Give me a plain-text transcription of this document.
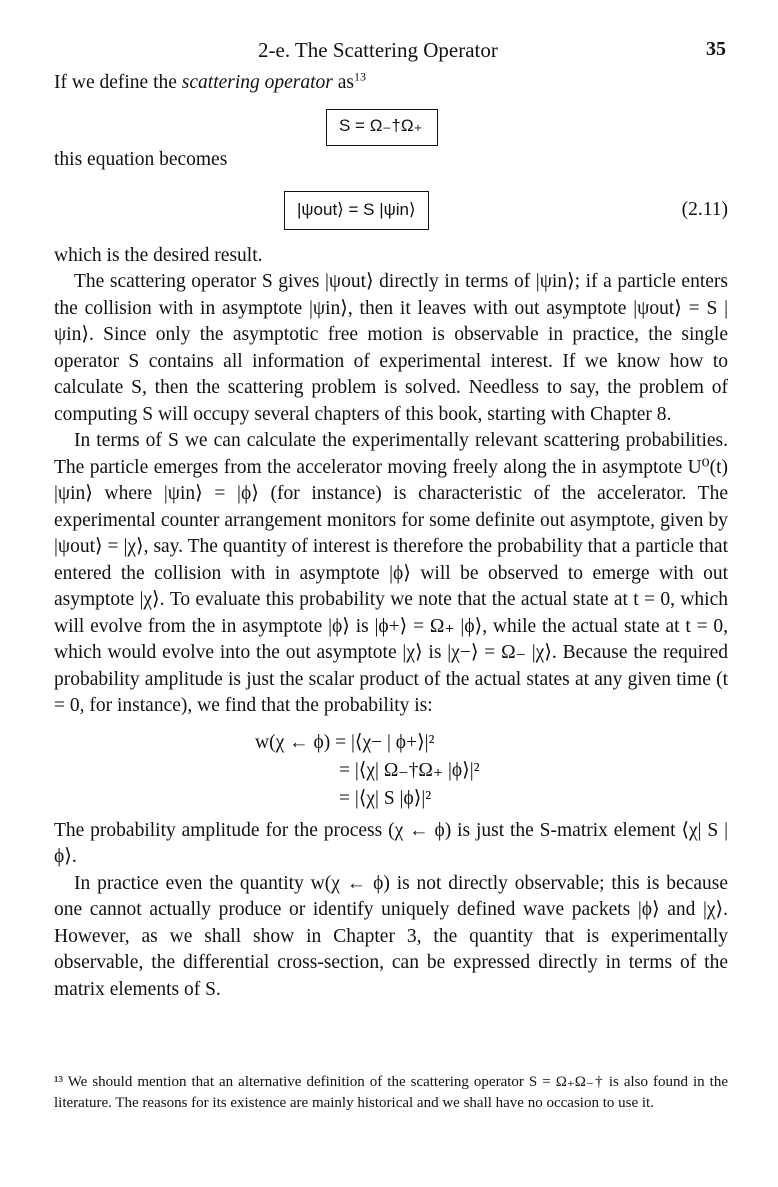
2-e. The Scattering Operator	35

If we define the scattering operator $as^{13}$

S = Ω₋†Ω₊
this equation becomes
|ψout⟩ = S |ψin⟩	(2.11)

which is the desired result.

The scattering operator S gives |ψout⟩ directly in terms of |ψin⟩; if a particle enters the collision with in asymptote |ψin⟩, then it leaves with out asymptote |ψout⟩ = S |ψin⟩. Since only the asymptotic free motion is observable in practice, the single operator S contains all information of experimental interest. If we know how to calculate S, then the scattering problem is solved. Needless to say, the problem of computing S will occupy several chapters of this book, starting with Chapter 8.

In terms of S we can calculate the experimentally relevant scattering probabilities. The particle emerges from the accelerator moving freely along the in asymptote U⁰(t) |ψin⟩ where |ψin⟩ = |ϕ⟩ (for instance) is characteristic of the accelerator. The experimental counter arrangement monitors for some definite out asymptote, given by |ψout⟩ = |χ⟩, say. The quantity of interest is therefore the probability that a particle that entered the collision with in asymptote |ϕ⟩ will be observed to emerge with out asymptote |χ⟩. To evaluate this probability we note that the actual state at t = 0, which will evolve from the in asymptote |ϕ⟩ is |ϕ+⟩ = Ω₊ |ϕ⟩, while the actual state at t = 0, which would evolve into the out asymptote |χ⟩ is |χ−⟩ = Ω₋ |χ⟩. Because the required probability amplitude is just the scalar product of the actual states at any given time (t = 0, for instance), we find that the probability is:

w(χ ← ϕ) = |⟨χ− | ϕ+⟩|²
= |⟨χ| Ω₋†Ω₊ |ϕ⟩|²
= |⟨χ| S |ϕ⟩|²

The probability amplitude for the process (χ ← ϕ) is just the S-matrix element ⟨χ| S |ϕ⟩.

In practice even the quantity w(χ ← ϕ) is not directly observable; this is because one cannot actually produce or identify uniquely defined wave packets |ϕ⟩ and |χ⟩. However, as we shall show in Chapter 3, the quantity that is experimentally observable, the differential cross-section, can be expressed directly in terms of the matrix elements of S.

¹³ We should mention that an alternative definition of the scattering operator S = Ω₊Ω₋† is also found in the literature. The reasons for its existence are mainly historical and we shall have no occasion to use it.
